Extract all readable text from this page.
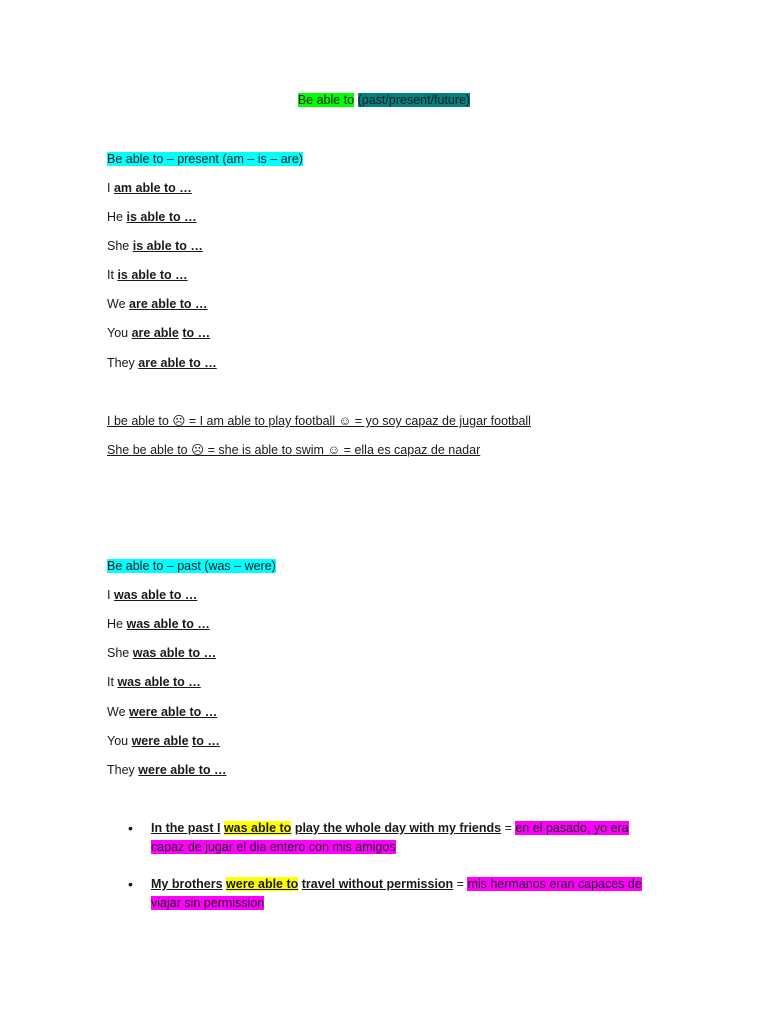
Be able to (past/present/future)
Be able to – present (am – is – are)
I am able to …
He is able to …
She is able to …
It is able to …
We are able to …
You are able to …
They are able to …
I be able to ☹ = I am able to play football ☺ = yo soy capaz de jugar football
She be able to ☹ = she is able to swim ☺ = ella es capaz de nadar
Be able to – past (was – were)
I was able to …
He was able to …
She was able to …
It was able to …
We were able to …
You were able to …
They were able to …
• In the past I was able to play the whole day with my friends = en el pasado, yo era capaz de jugar el dia entero con mis amigos
• My brothers were able to travel without permission = mis hermanos eran capaces de viajar sin permission
